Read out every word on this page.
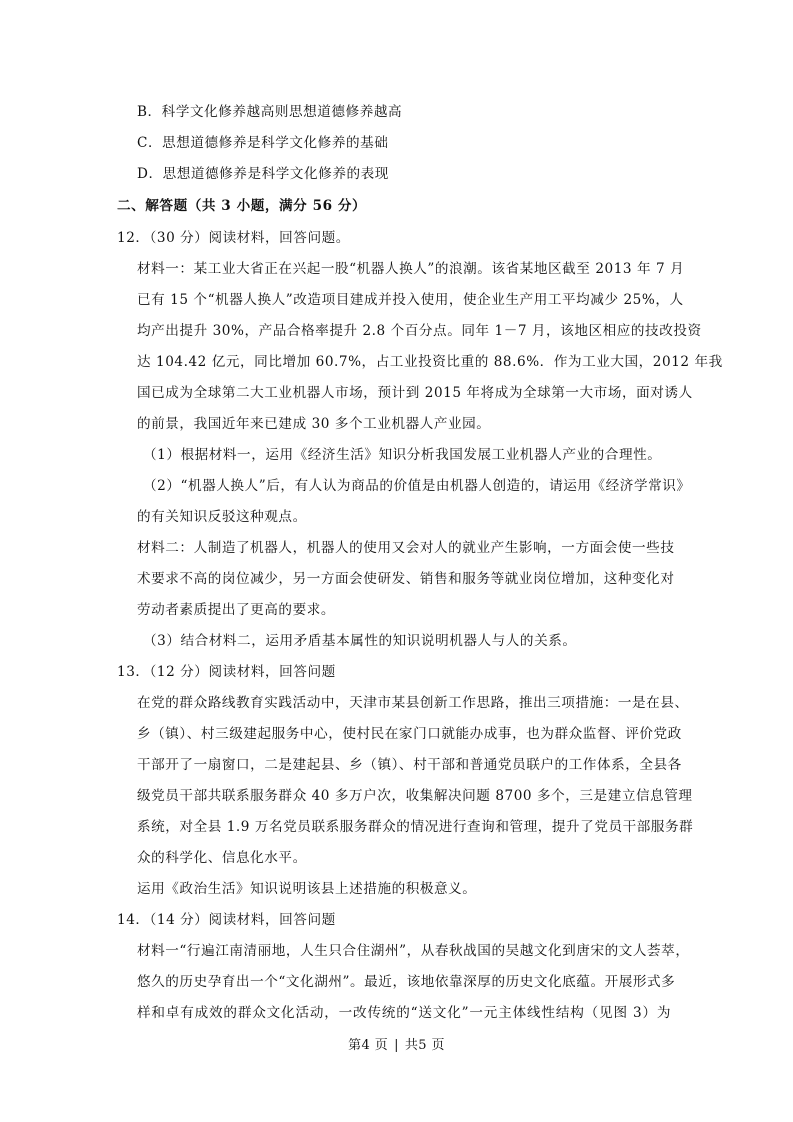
B．科学文化修养越高则思想道德修养越高

C．思想道德修养是科学文化修养的基础

D．思想道德修养是科学文化修养的表现

二、解答题（共 3 小题，满分 56 分）

12．（30 分）阅读材料，回答问题。

材料一：某工业大省正在兴起一股“机器人换人”的浪潮。该省某地区截至 2013 年 7 月

已有 15 个“机器人换人”改造项目建成并投入使用，使企业生产用工平均减少 25%，人

均产出提升 30%，产品合格率提升 2.8 个百分点。同年 1－7 月，该地区相应的技改投资

达 104.42 亿元，同比增加 60.7%，占工业投资比重的 88.6%．作为工业大国，2012 年我

国已成为全球第二大工业机器人市场，预计到 2015 年将成为全球第一大市场，面对诱人

的前景，我国近年来已建成 30 多个工业机器人产业园。

（1）根据材料一，运用《经济生活》知识分析我国发展工业机器人产业的合理性。

（2）“机器人换人”后，有人认为商品的价值是由机器人创造的，请运用《经济学常识》

的有关知识反驳这种观点。

材料二：人制造了机器人，机器人的使用又会对人的就业产生影响，一方面会使一些技

术要求不高的岗位减少，另一方面会使研发、销售和服务等就业岗位增加，这种变化对

劳动者素质提出了更高的要求。

（3）结合材料二，运用矛盾基本属性的知识说明机器人与人的关系。

13．（12 分）阅读材料，回答问题

在党的群众路线教育实践活动中，天津市某县创新工作思路，推出三项措施：一是在县、

乡（镇）、村三级建起服务中心，使村民在家门口就能办成事，也为群众监督、评价党政

干部开了一扇窗口，二是建起县、乡（镇）、村干部和普通党员联户的工作体系，全县各

级党员干部共联系服务群众 40 多万户次，收集解决问题 8700 多个，三是建立信息管理

系统，对全县 1.9 万名党员联系服务群众的情况进行查询和管理，提升了党员干部服务群

众的科学化、信息化水平。

运用《政治生活》知识说明该县上述措施的积极意义。

14．（14 分）阅读材料，回答问题

材料一“行遍江南清丽地，人生只合住湖州”，从春秋战国的吴越文化到唐宋的文人荟萃，

悠久的历史孕育出一个“文化湖州”。最近，该地依靠深厚的历史文化底蕴。开展形式多

样和卓有成效的群众文化活动，一改传统的“送文化”一元主体线性结构（见图 3）为

第4 页 | 共5 页
